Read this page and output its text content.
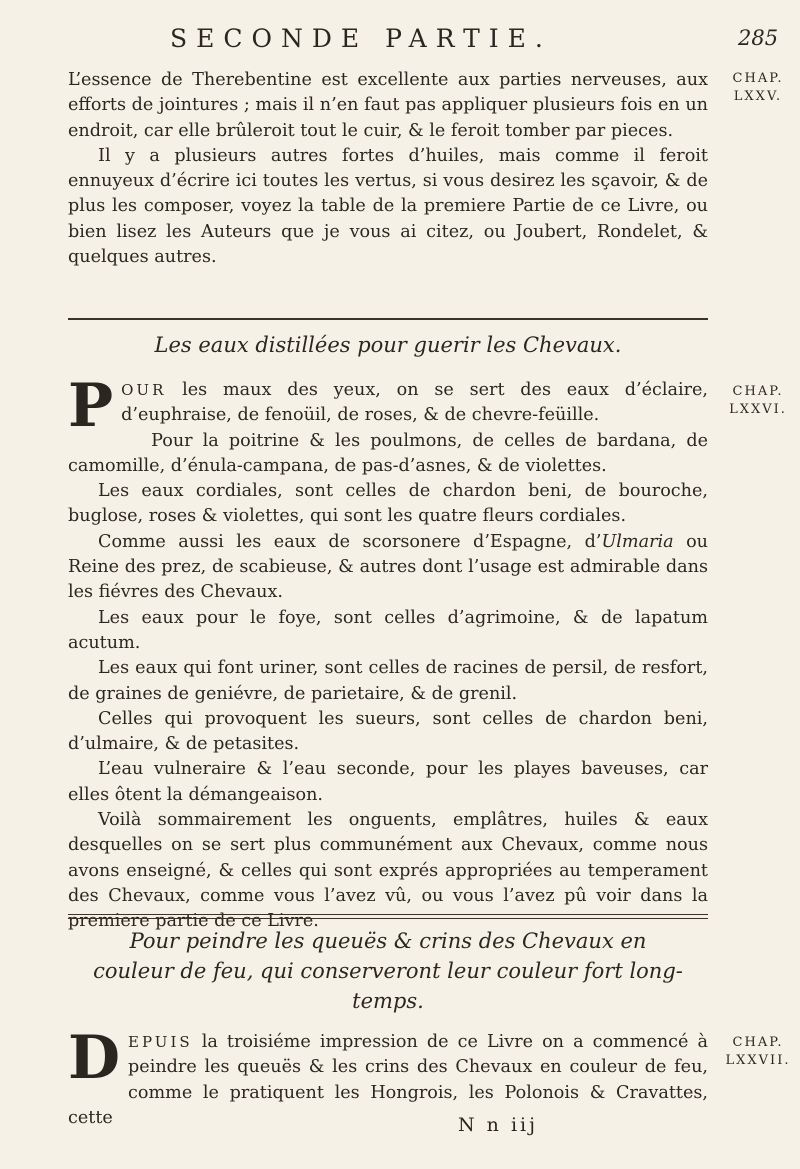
SECONDE PARTIE.	285
CHAP.
LXXV.
CHAP.
LXXVI.
CHAP.
LXXVII.

L’essence de Therebentine est excellente aux parties nerveuses, aux efforts de jointures ; mais il n’en faut pas appliquer plusieurs fois en un endroit, car elle brûleroit tout le cuir, & le feroit tomber par pieces.

Il y a plusieurs autres fortes d’huiles, mais comme il feroit ennuyeux d’écrire ici toutes les vertus, si vous desirez les sçavoir, & de plus les composer, voyez la table de la premiere Partie de ce Livre, ou bien lisez les Auteurs que je vous ai citez, ou Joubert, Rondelet, & quelques autres.

Les eaux distillées pour guerir les Chevaux.

POUR les maux des yeux, on se sert des eaux d’éclaire, d’euphraise, de fenoüil, de roses, & de chevre-feüille.

Pour la poitrine & les poulmons, de celles de bardana, de camomille, d’énula-campana, de pas-d’asnes, & de violettes.

Les eaux cordiales, sont celles de chardon beni, de bouroche, buglose, roses & violettes, qui sont les quatre fleurs cordiales.

Comme aussi les eaux de scorsonere d’Espagne, d’Ulmaria ou Reine des prez, de scabieuse, & autres dont l’usage est admirable dans les fiévres des Chevaux.

Les eaux pour le foye, sont celles d’agrimoine, & de lapatum acutum.

Les eaux qui font uriner, sont celles de racines de persil, de resfort, de graines de geniévre, de parietaire, & de grenil.

Celles qui provoquent les sueurs, sont celles de chardon beni, d’ulmaire, & de petasites.

L’eau vulneraire & l’eau seconde, pour les playes baveuses, car elles ôtent la démangeaison.

Voilà sommairement les onguents, emplâtres, huiles & eaux desquelles on se sert plus communément aux Chevaux, comme nous avons enseigné, & celles qui sont exprés appropriées au temperament des Chevaux, comme vous l’avez vû, ou vous l’avez pû voir dans la premiere partie de ce Livre.

Pour peindre les queuës & crins des Chevaux en couleur de feu, qui conserveront leur couleur fort long-temps.

DEPUIS la troisiéme impression de ce Livre on a commencé à peindre les queuës & les crins des Chevaux en couleur de feu, comme le pratiquent les Hongrois, les Polonois & Cravattes, cette	N n iij
